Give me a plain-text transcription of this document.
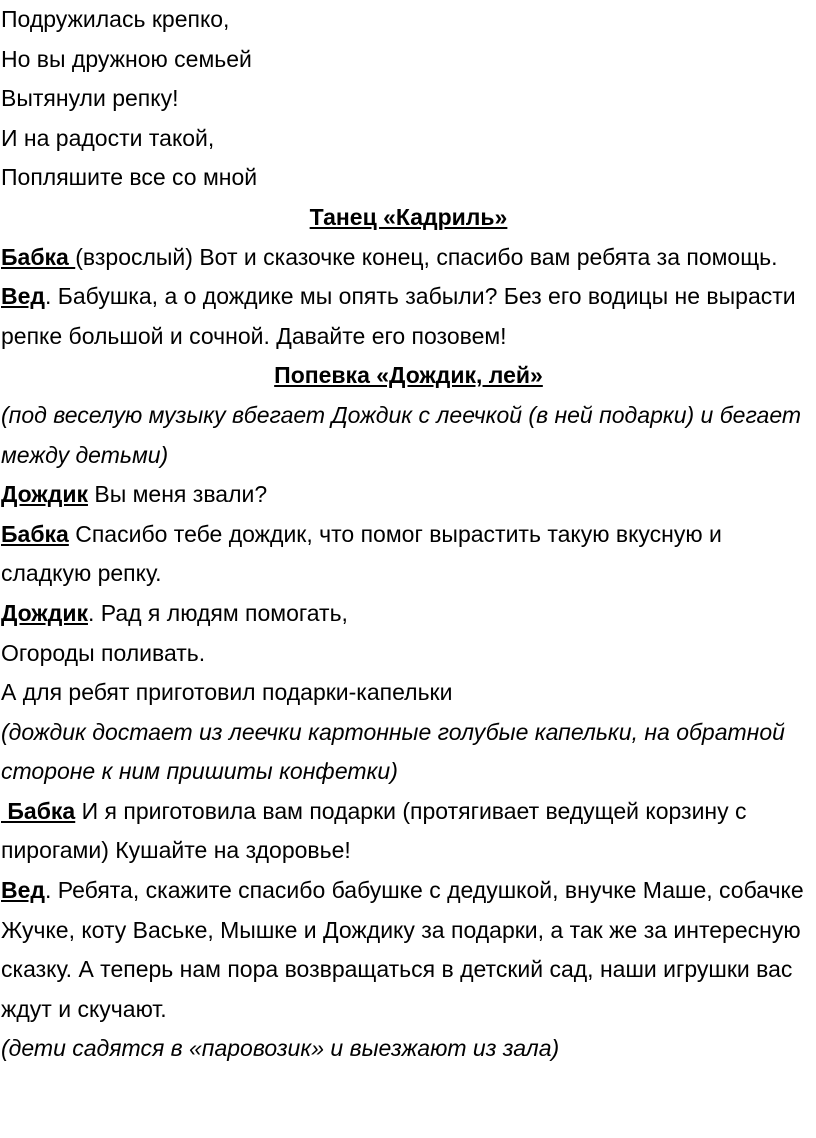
Подружилась крепко,

Но вы дружною семьей

Вытянули репку!

И на радости такой,

Попляшите все со мной

Танец «Кадриль»

Бабка (взрослый) Вот и сказочке конец, спасибо вам ребята за помощь.

Вед. Бабушка, а о дождике мы опять забыли? Без его водицы не вырасти репке большой и сочной. Давайте его позовем!

Попевка «Дождик, лей»

(под веселую музыку вбегает Дождик с леечкой (в ней подарки) и бегает между детьми)

Дождик Вы меня звали?

Бабка Спасибо тебе дождик, что помог вырастить такую вкусную и сладкую репку.

Дождик. Рад я людям помогать,

Огороды поливать.

А для ребят приготовил подарки-капельки

(дождик достает из леечки картонные голубые капельки, на обратной стороне к ним пришиты конфетки)

Бабка И я приготовила вам подарки (протягивает ведущей корзину с пирогами) Кушайте на здоровье!

Вед. Ребята, скажите спасибо бабушке с дедушкой, внучке Маше, собачке Жучке, коту Ваське, Мышке и Дождику за подарки, а так же за интересную сказку. А теперь нам пора возвращаться в детский сад, наши игрушки вас ждут и скучают.

(дети садятся в «паровозик» и выезжают из зала)
